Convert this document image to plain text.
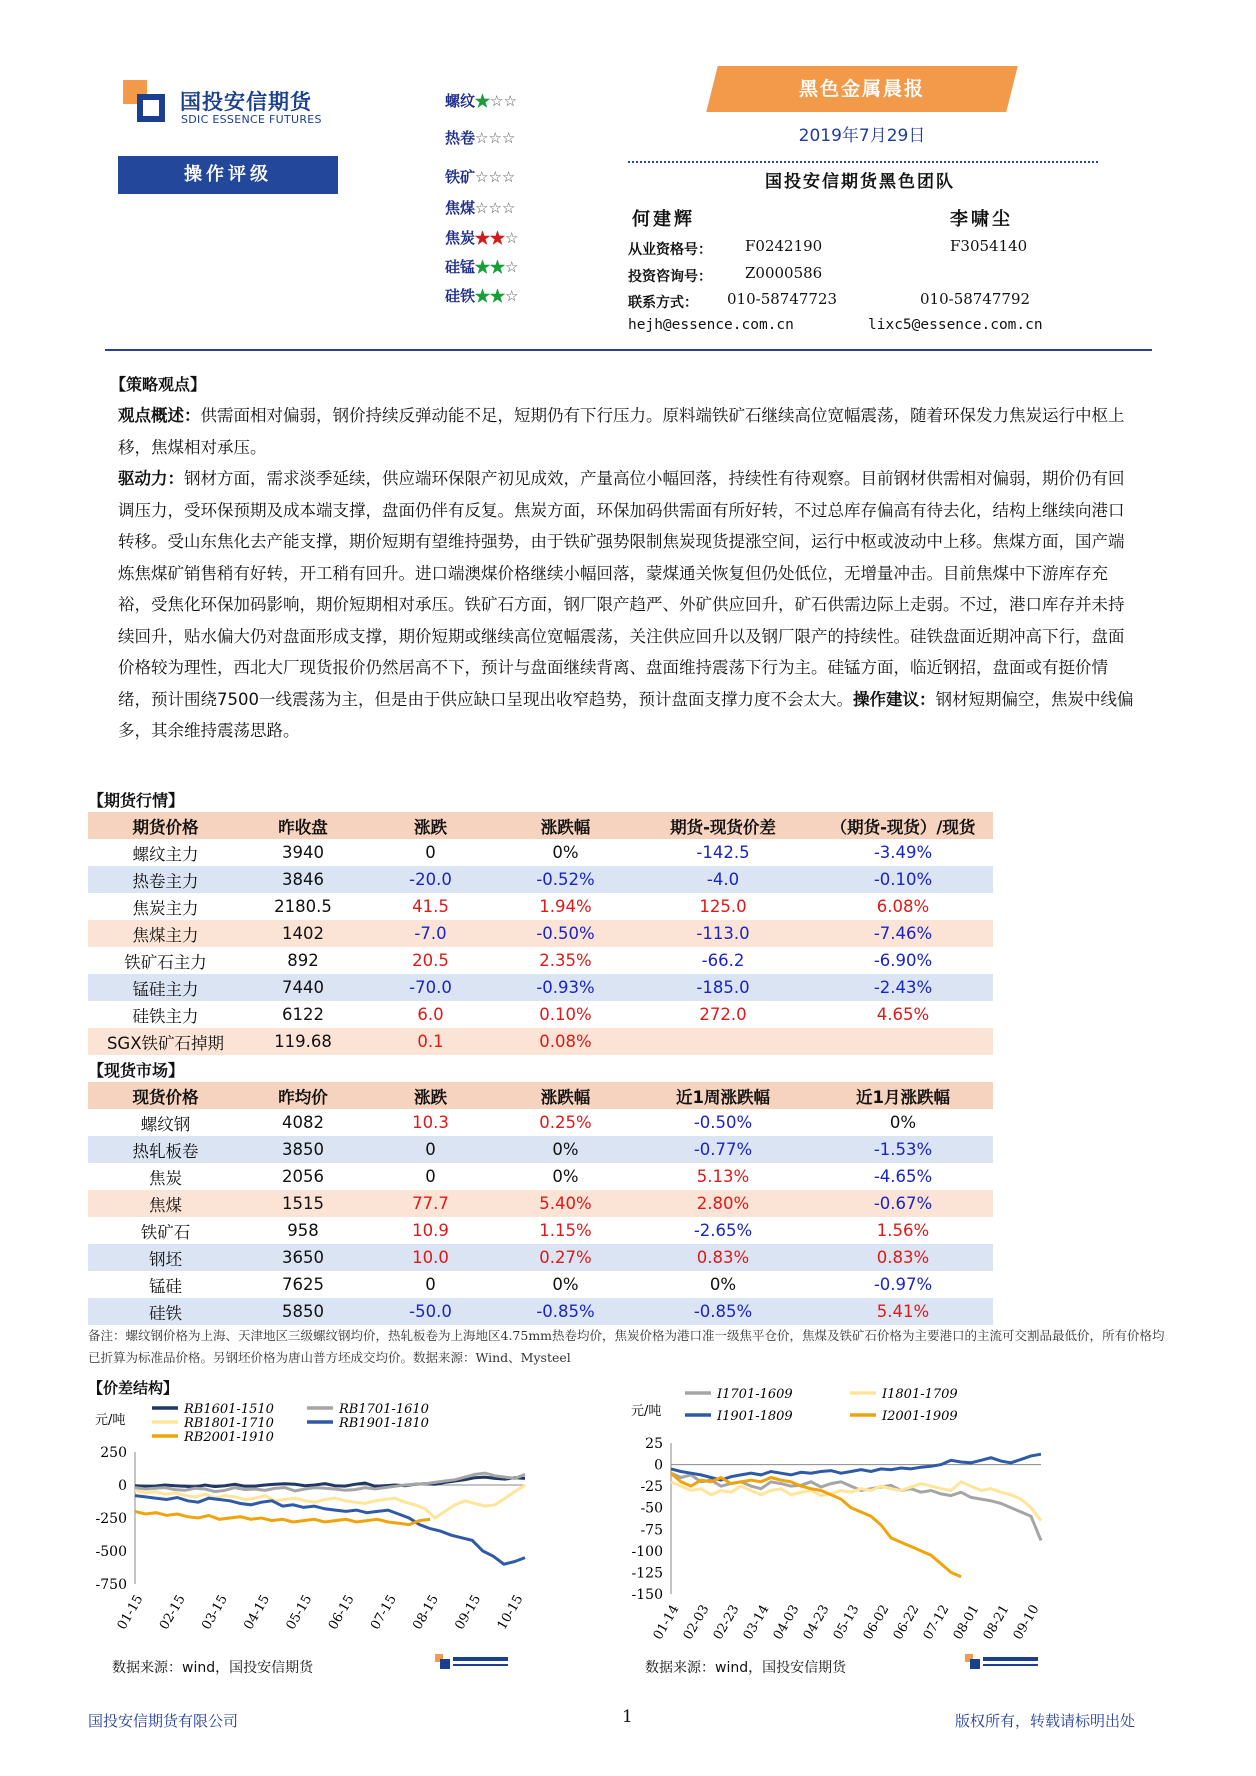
国投安信期货
SDIC ESSENCE FUTURES
操作评级
螺纹★☆☆
热卷☆☆☆
铁矿☆☆☆
焦煤☆☆☆
焦炭★★☆
硅锰★★☆
硅铁★★☆
黑色金属晨报
2019年7月29日
国投安信期货黑色团队
何建辉	李啸尘
从业资格号： F0242190	F3054140
投资咨询号： Z0000586
联系方式： 010-58747723	010-58747792
hejh@essence.com.cn	lixc5@essence.com.cn
【策略观点】
观点概述：供需面相对偏弱，钢价持续反弹动能不足，短期仍有下行压力。原料端铁矿石继续高位宽幅震荡，随着环保发力焦炭运行中枢上移，焦煤相对承压。
驱动力：钢材方面，需求淡季延续，供应端环保限产初见成效，产量高位小幅回落，持续性有待观察。目前钢材供需相对偏弱，期价仍有回调压力，受环保预期及成本端支撑，盘面仍伴有反复。焦炭方面，环保加码供需面有所好转，不过总库存偏高有待去化，结构上继续向港口转移。受山东焦化去产能支撑，期价短期有望维持强势，由于铁矿强势限制焦炭现货提涨空间，运行中枢或波动中上移。焦煤方面，国产端炼焦煤矿销售稍有好转，开工稍有回升。进口端澳煤价格继续小幅回落，蒙煤通关恢复但仍处低位，无增量冲击。目前焦煤中下游库存充裕，受焦化环保加码影响，期价短期相对承压。铁矿石方面，钢厂限产趋严、外矿供应回升，矿石供需边际上走弱。不过，港口库存并未持续回升，贴水偏大仍对盘面形成支撑，期价短期或继续高位宽幅震荡，关注供应回升以及钢厂限产的持续性。硅铁盘面近期冲高下行，盘面价格较为理性，西北大厂现货报价仍然居高不下，预计与盘面继续背离、盘面维持震荡下行为主。硅锰方面，临近钢招，盘面或有挺价情绪，预计围绕7500一线震荡为主，但是由于供应缺口呈现出收窄趋势，预计盘面支撑力度不会太大。操作建议：钢材短期偏空，焦炭中线偏多，其余维持震荡思路。
【期货行情】
期货价格	昨收盘	涨跌	涨跌幅	期货-现货价差	（期货-现货）/现货
螺纹主力	3940	0	0%	-142.5	-3.49%
热卷主力	3846	-20.0	-0.52%	-4.0	-0.10%
焦炭主力	2180.5	41.5	1.94%	125.0	6.08%
焦煤主力	1402	-7.0	-0.50%	-113.0	-7.46%
铁矿石主力	892	20.5	2.35%	-66.2	-6.90%
锰硅主力	7440	-70.0	-0.93%	-185.0	-2.43%
硅铁主力	6122	6.0	0.10%	272.0	4.65%
SGX铁矿石掉期	119.68	0.1	0.08%		
【现货市场】
现货价格	昨均价	涨跌	涨跌幅	近1周涨跌幅	近1月涨跌幅
螺纹钢	4082	10.3	0.25%	-0.50%	0%
热轧板卷	3850	0	0%	-0.77%	-1.53%
焦炭	2056	0	0%	5.13%	-4.65%
焦煤	1515	77.7	5.40%	2.80%	-0.67%
铁矿石	958	10.9	1.15%	-2.65%	1.56%
钢坯	3650	10.0	0.27%	0.83%	0.83%
锰硅	7625	0	0%	0%	-0.97%
硅铁	5850	-50.0	-0.85%	-0.85%	5.41%
备注：螺纹钢价格为上海、天津地区三级螺纹钢均价，热轧板卷为上海地区4.75mm热卷均价，焦炭价格为港口准一级焦平仓价，焦煤及铁矿石价格为主要港口的主流可交割品最低价，所有价格均已折算为标准品价格。另钢坯价格为唐山普方坯成交均价。数据来源：Wind、Mysteel
【价差结构】
元/吨
250
0
-250
-500
-750
01-15 02-15 03-15 04-15 05-15 06-15 07-15 08-15 09-15 10-15
RB1601-1510	RB1701-1610
RB1801-1710	RB1901-1810
RB2001-1910
数据来源：wind，国投安信期货
元/吨
25
0
-25
-50
-75
-100
-125
-150
01-14
02-03
02-23
03-14
04-03
04-23
05-13
06-02
06-22
07-12
08-01
08-21
09-10
I1701-1609	I1801-1709
I1901-1809	I2001-1909
数据来源：wind，国投安信期货
国投安信期货有限公司	1	版权所有，转载请标明出处
